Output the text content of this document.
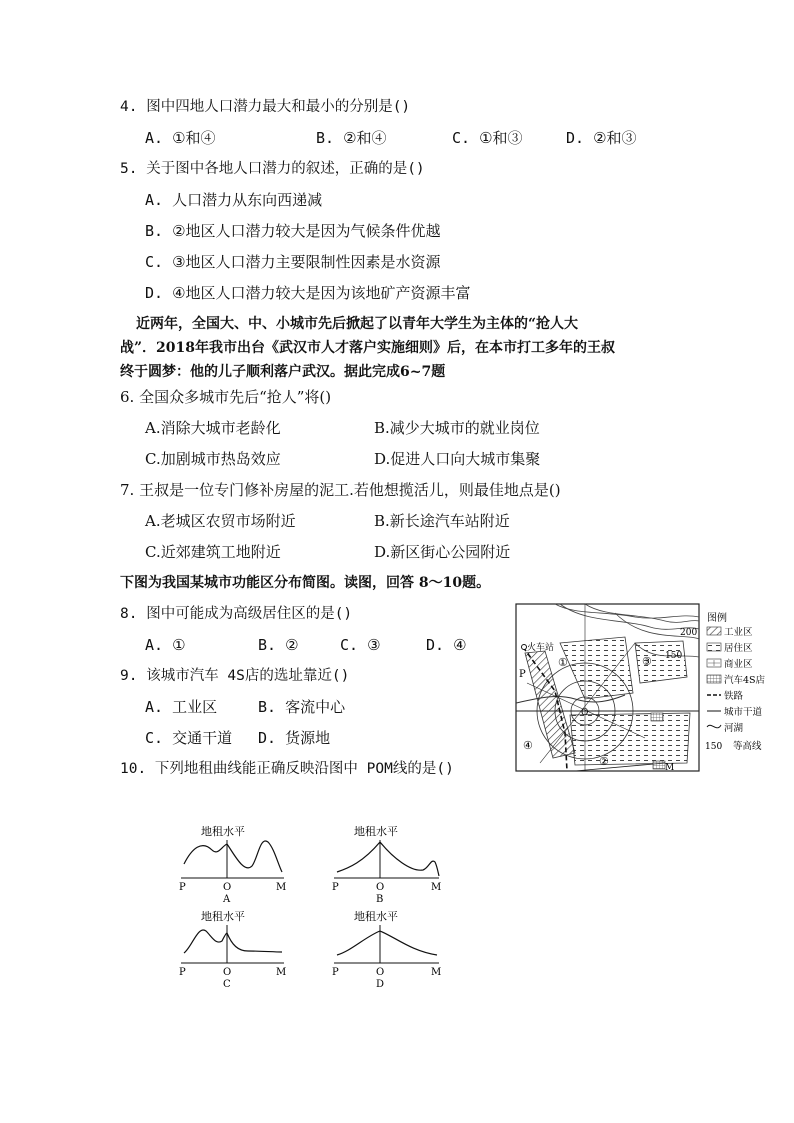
4. 图中四地人口潜力最大和最小的分别是()
A. ①和④	B. ②和④	C. ①和③	D. ②和③
5. 关于图中各地人口潜力的叙述，正确的是()
A. 人口潜力从东向西递减
B. ②地区人口潜力较大是因为气候条件优越
C. ③地区人口潜力主要限制性因素是水资源
D. ④地区人口潜力较大是因为该地矿产资源丰富
近两年，全国大、中、小城市先后掀起了以青年大学生为主体的“抢人大
战”．2018年我市出台《武汉市人才落户实施细则》后，在本市打工多年的王叔
终于圆梦：他的儿子顺利落户武汉。据此完成6~7题
6. 全国众多城市先后“抢人”将()
A.消除大城市老龄化	B.减少大城市的就业岗位
C.加剧城市热岛效应	D.促进人口向大城市集聚
7. 王叔是一位专门修补房屋的泥工.若他想揽活儿，则最佳地点是()
A.老城区农贸市场附近	B.新长途汽车站附近
C.近郊建筑工地附近	D.新区街心公园附近
下图为我国某城市功能区分布简图。读图，回答 8～10题。
8. 图中可能成为高级居住区的是()
A. ①	B. ②	C. ③	D. ④
9. 该城市汽车 4S店的选址靠近()
A. 工业区	B. 客流中心
C. 交通干道 D. 货源地
10. 下列地租曲线能正确反映沿图中 POM线的是()
火车站
200
150
P
O
M
①
②
③
④
图例
工业区
居住区
商业区
汽车4S店
铁路
城市干道
河湖
150 等高线
地租水平
P	O	M
A
地租水平
P	O	M
B
地租水平
P	O	M
C
地租水平
P	O	M
D
